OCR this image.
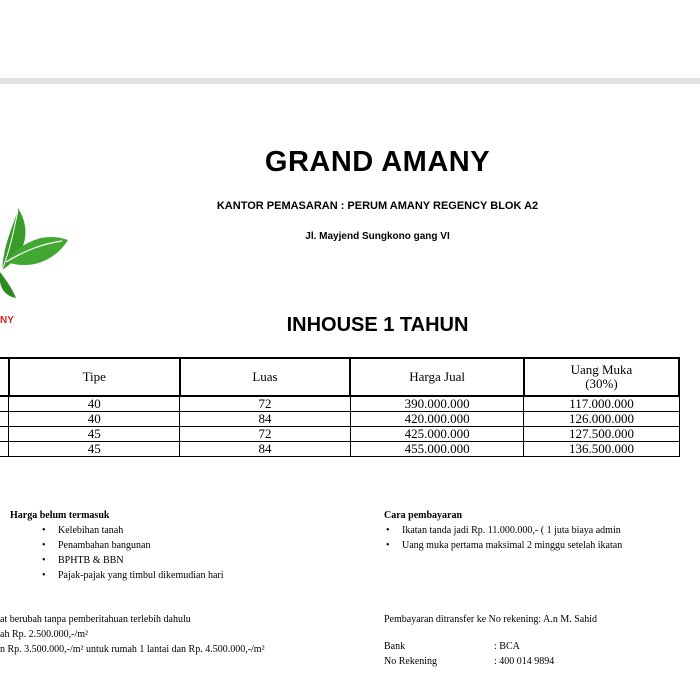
NY
GRAND AMANY
KANTOR PEMASARAN : PERUM AMANY REGENCY BLOK A2
Jl. Mayjend Sungkono gang VI
INHOUSE 1 TAHUN
	Tipe	Luas	Harga Jual	Uang Muka
(30%)
	40	72	390.000.000	117.000.000
	40	84	420.000.000	126.000.000
	45	72	425.000.000	127.500.000
	45	84	455.000.000	136.500.000
Harga belum termasuk
• Kelebihan tanah
• Penambahan bangunan
• BPHTB & BBN
• Pajak-pajak yang timbul dikemudian hari
Cara pembayaran
• Ikatan tanda jadi Rp. 11.000.000,- ( 1 juta biaya admin
• Uang muka pertama maksimal 2 minggu setelah ikatan
at berubah tanpa pemberitahuan terlebih dahulu
ah Rp. 2.500.000,-/m²
n Rp. 3.500.000,-/m² untuk rumah 1 lantai dan Rp. 4.500.000,-/m²
Pembayaran ditransfer ke No rekening: A.n M. Sahid
Bank	: BCA
No Rekening	: 400 014 9894
